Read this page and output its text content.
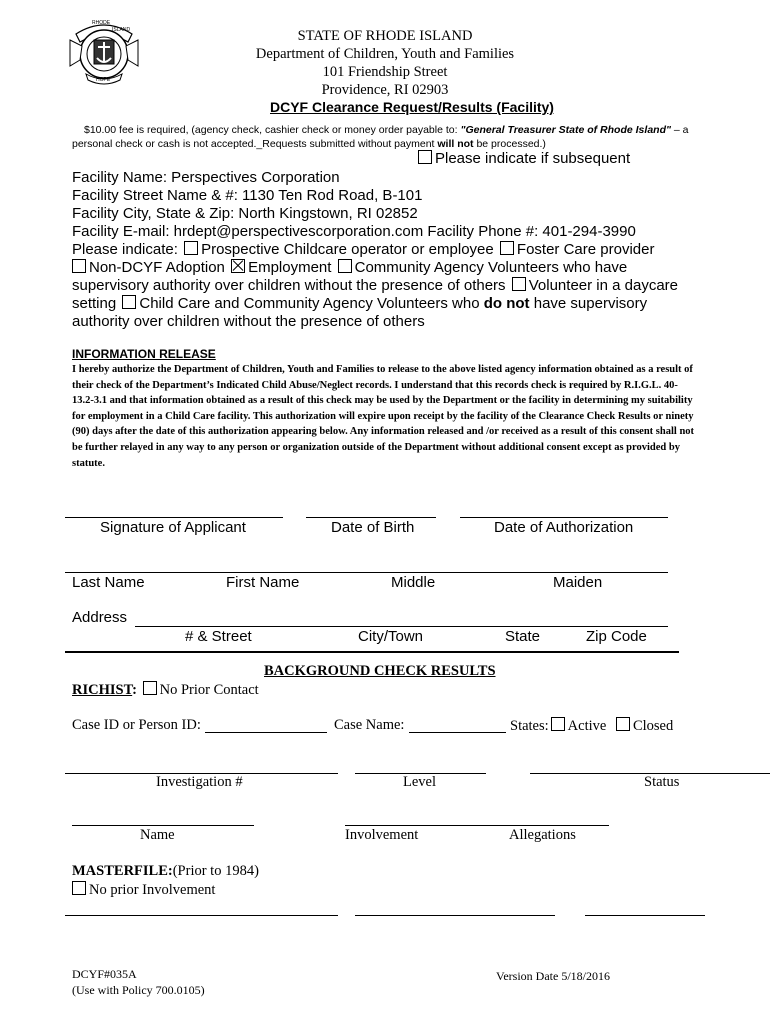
RHODE
ISLAND
HOPE
STATE OF RHODE ISLAND
Department of Children, Youth and Families
101 Friendship Street
Providence, RI 02903
DCYF Clearance Request/Results (Facility)
$10.00 fee is required, (agency check, cashier check or money order payable to: "General Treasurer State of Rhode Island" – a personal check or cash is not accepted._Requests submitted without payment will not be processed.)
Please indicate if subsequent
Facility Name: Perspectives Corporation
Facility Street Name & #: 1130 Ten Rod Road, B-101
Facility City, State & Zip: North Kingstown, RI 02852
Facility E-mail: hrdept@perspectivescorporation.com Facility Phone #: 401-294-3990
Please indicate: Prospective Childcare operator or employee Foster Care provider
Non-DCYF Adoption Employment Community Agency Volunteers who have supervisory authority over children without the presence of others Volunteer in a daycare setting Child Care and Community Agency Volunteers who do not have supervisory authority over children without the presence of others
INFORMATION RELEASE
I hereby authorize the Department of Children, Youth and Families to release to the above listed agency information obtained as a result of their check of the Department’s Indicated Child Abuse/Neglect records. I understand that this records check is required by R.I.G.L. 40-13.2-3.1 and that information obtained as a result of this check may be used by the Department or the facility in determining my suitability for employment in a Child Care facility. This authorization will expire upon receipt by the facility of the Clearance Check Results or ninety (90) days after the date of this authorization appearing below. Any information released and /or received as a result of this consent shall not be further relayed in any way to any person or organization outside of the Department without additional consent except as provided by statute.
Signature of Applicant	Date of Birth	Date of Authorization
Last Name	First Name	Middle	Maiden
Address
# & Street	City/Town	State	Zip Code
BACKGROUND CHECK RESULTS
RICHIST: No Prior Contact
Case ID or Person ID:	Case Name:	States: Active Closed
Investigation #	Level	Status
Name	Involvement	Allegations
MASTERFILE:(Prior to 1984)
No prior Involvement
DCYF#035A
(Use with Policy 700.0105)
Version Date 5/18/2016
